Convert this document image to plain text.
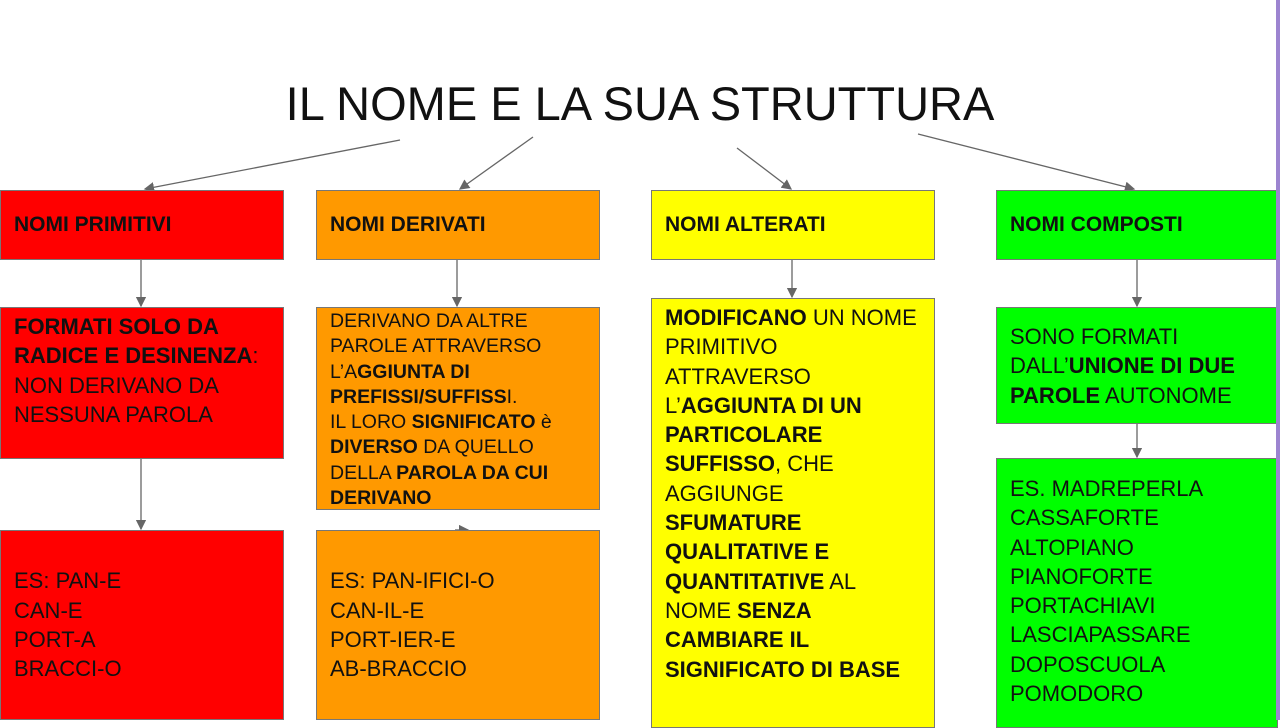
IL NOME E LA SUA STRUTTURA
NOMI PRIMITIVI
FORMATI SOLO DA RADICE E DESINENZA: NON DERIVANO DA NESSUNA PAROLA
ES: PAN-E
CAN-E
PORT-A
BRACCI-O
NOMI DERIVATI
DERIVANO DA ALTRE PAROLE ATTRAVERSO L’AGGIUNTA DI PREFISSI/SUFFISSI.
IL LORO SIGNIFICATO è DIVERSO DA QUELLO DELLA PAROLA DA CUI DERIVANO
ES: PAN-IFICI-O
CAN-IL-E
PORT-IER-E
AB-BRACCIO
NOMI ALTERATI
MODIFICANO UN NOME PRIMITIVO ATTRAVERSO L’AGGIUNTA DI UN PARTICOLARE SUFFISSO, CHE AGGIUNGE SFUMATURE QUALITATIVE E QUANTITATIVE AL NOME SENZA CAMBIARE IL SIGNIFICATO DI BASE
NOMI COMPOSTI
SONO FORMATI DALL’UNIONE DI DUE PAROLE AUTONOME
ES. MADREPERLA
CASSAFORTE
ALTOPIANO
PIANOFORTE
PORTACHIAVI
LASCIAPASSARE
DOPOSCUOLA
POMODORO
